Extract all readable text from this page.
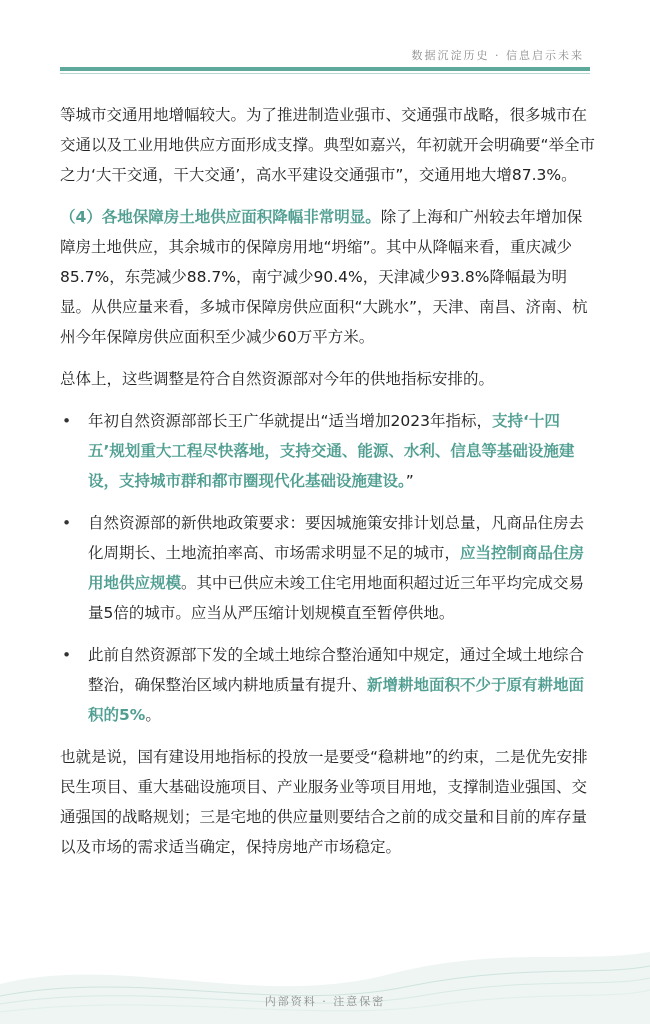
数据沉淀历史 · 信息启示未来

等城市交通用地增幅较大。为了推进制造业强市、交通强市战略，很多城市在交通以及工业用地供应方面形成支撑。典型如嘉兴，年初就开会明确要“举全市之力‘大干交通，干大交通’，高水平建设交通强市”，交通用地大增87.3%。

（4）各地保障房土地供应面积降幅非常明显。除了上海和广州较去年增加保障房土地供应，其余城市的保障房用地“坍缩”。其中从降幅来看，重庆减少85.7%，东莞减少88.7%，南宁减少90.4%，天津减少93.8%降幅最为明显。从供应量来看，多城市保障房供应面积“大跳水”，天津、南昌、济南、杭州今年保障房供应面积至少减少60万平方米。

总体上，这些调整是符合自然资源部对今年的供地指标安排的。

• 年初自然资源部部长王广华就提出“适当增加2023年指标，支持‘十四五’规划重大工程尽快落地，支持交通、能源、水利、信息等基础设施建设，支持城市群和都市圈现代化基础设施建设。”
• 自然资源部的新供地政策要求：要因城施策安排计划总量，凡商品住房去化周期长、土地流拍率高、市场需求明显不足的城市，应当控制商品住房用地供应规模。其中已供应未竣工住宅用地面积超过近三年平均完成交易量5倍的城市。应当从严压缩计划规模直至暂停供地。
• 此前自然资源部下发的全域土地综合整治通知中规定，通过全域土地综合整治，确保整治区域内耕地质量有提升、新增耕地面积不少于原有耕地面积的5%。

也就是说，国有建设用地指标的投放一是要受“稳耕地”的约束，二是优先安排民生项目、重大基础设施项目、产业服务业等项目用地，支撑制造业强国、交通强国的战略规划；三是宅地的供应量则要结合之前的成交量和目前的库存量以及市场的需求适当确定，保持房地产市场稳定。

内部资料 · 注意保密
